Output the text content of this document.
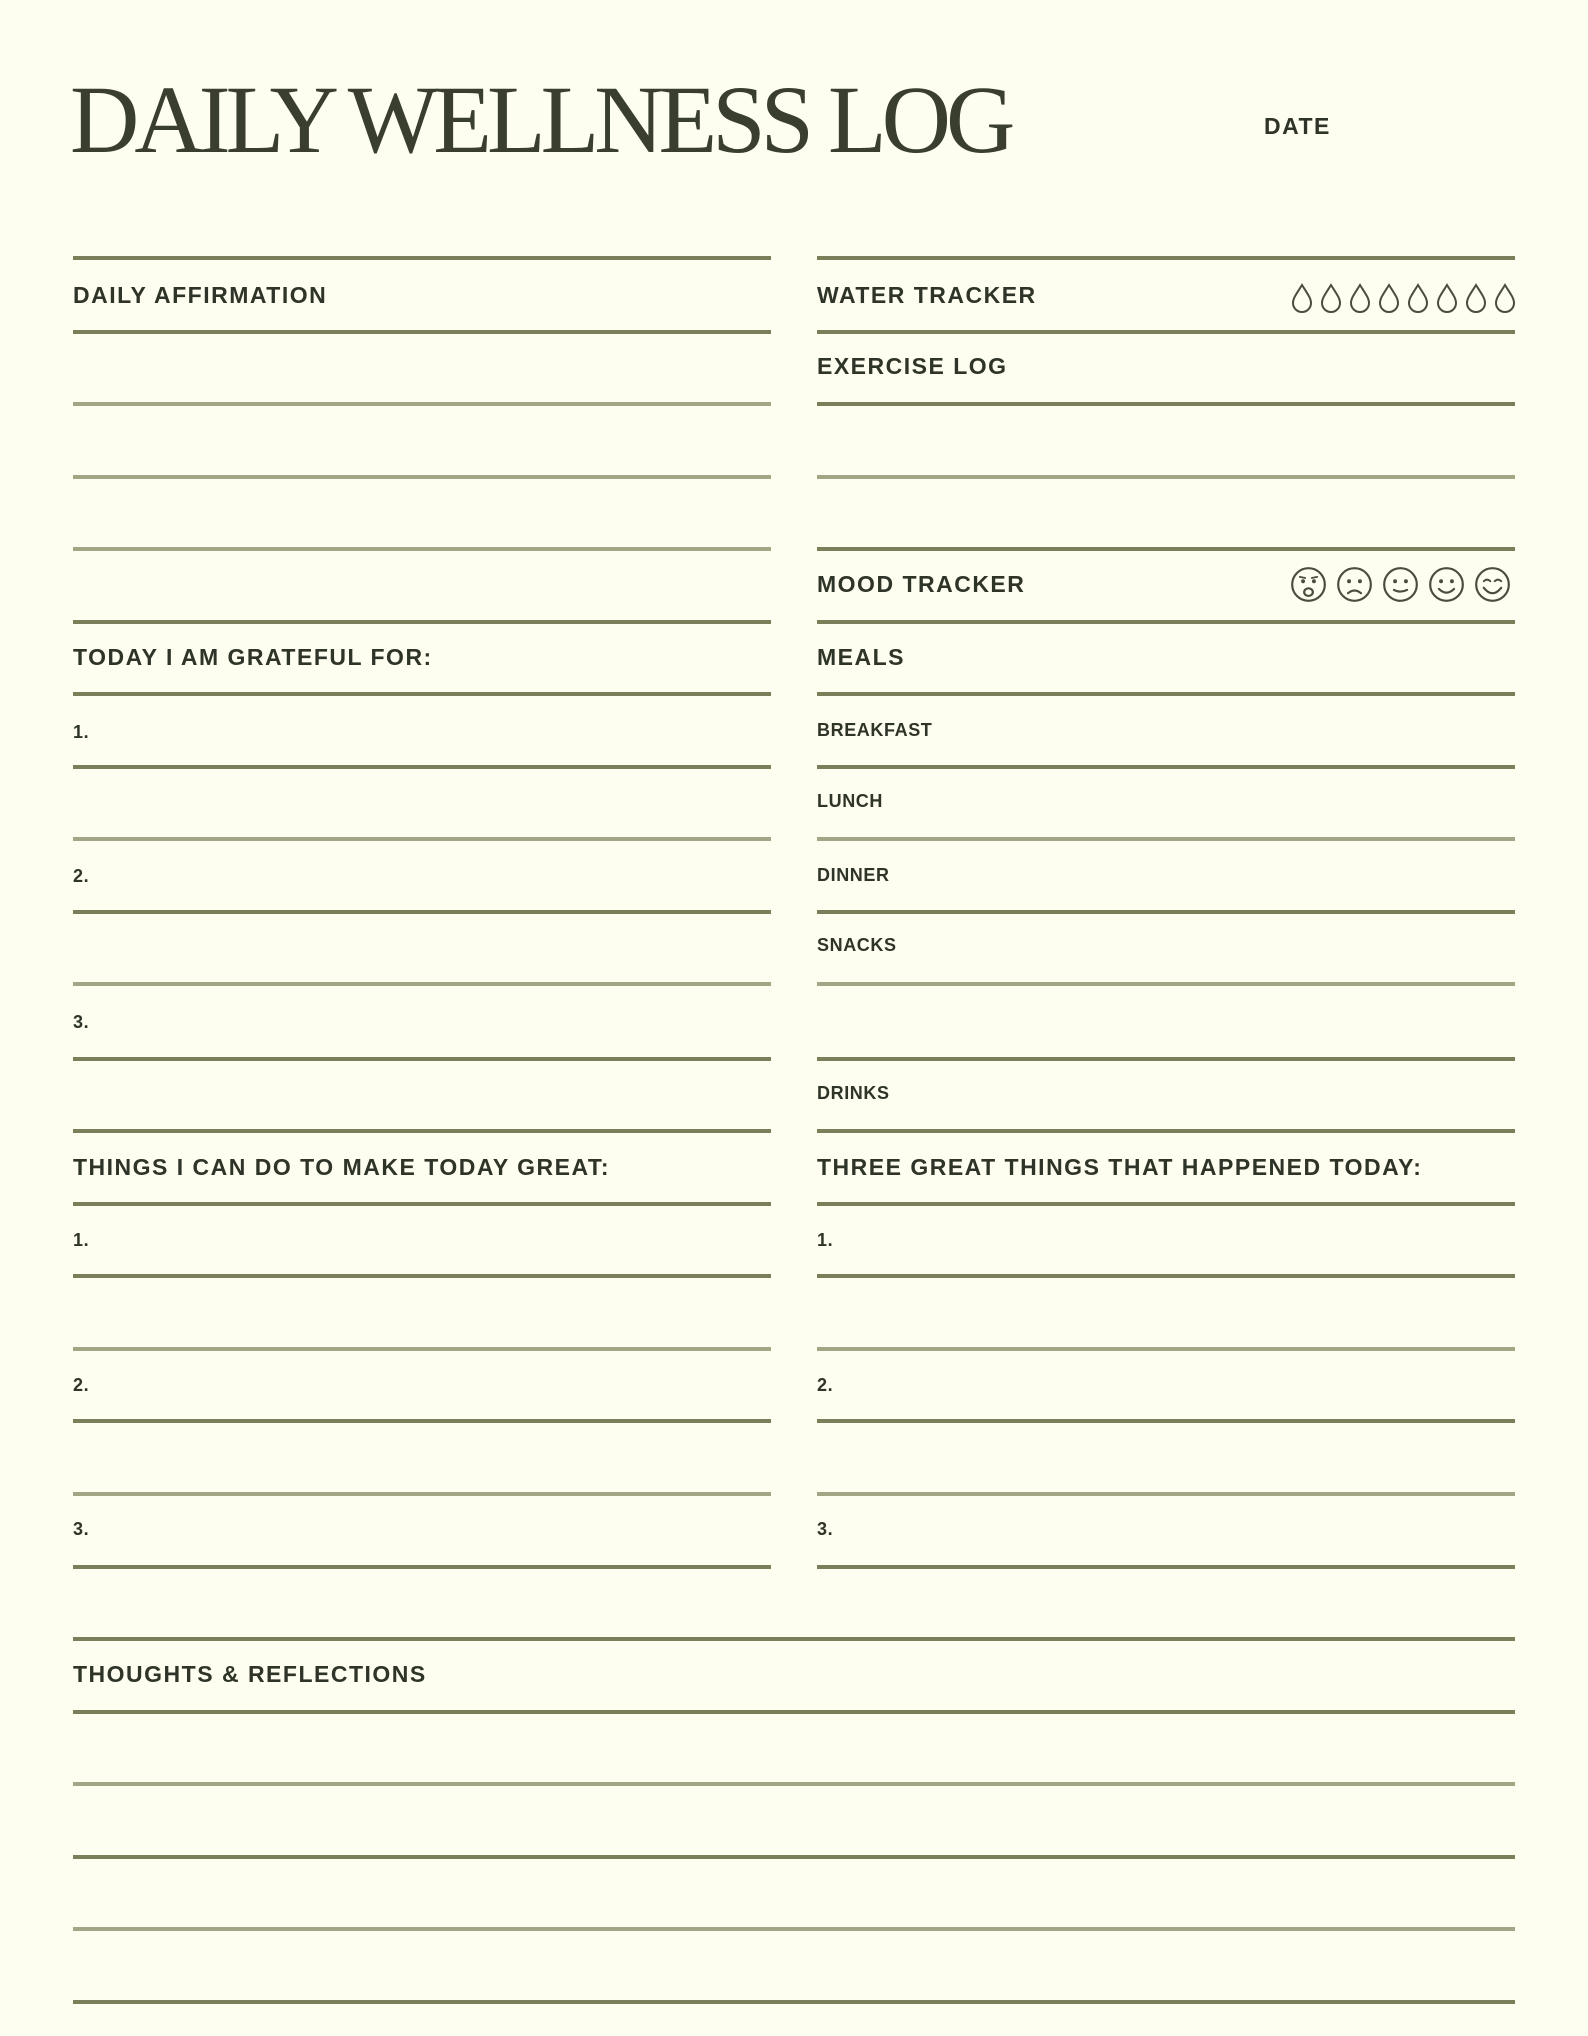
DAILY WELLNESS LOG	DATE
DAILY AFFIRMATION
TODAY I AM GRATEFUL FOR:
1.
2.
3.
THINGS I CAN DO TO MAKE TODAY GREAT:
1.
2.
3.
WATER TRACKER
EXERCISE LOG
MOOD TRACKER
MEALS
BREAKFAST
LUNCH
DINNER
SNACKS
DRINKS
THREE GREAT THINGS THAT HAPPENED TODAY:
1.
2.
3.
THOUGHTS & REFLECTIONS
